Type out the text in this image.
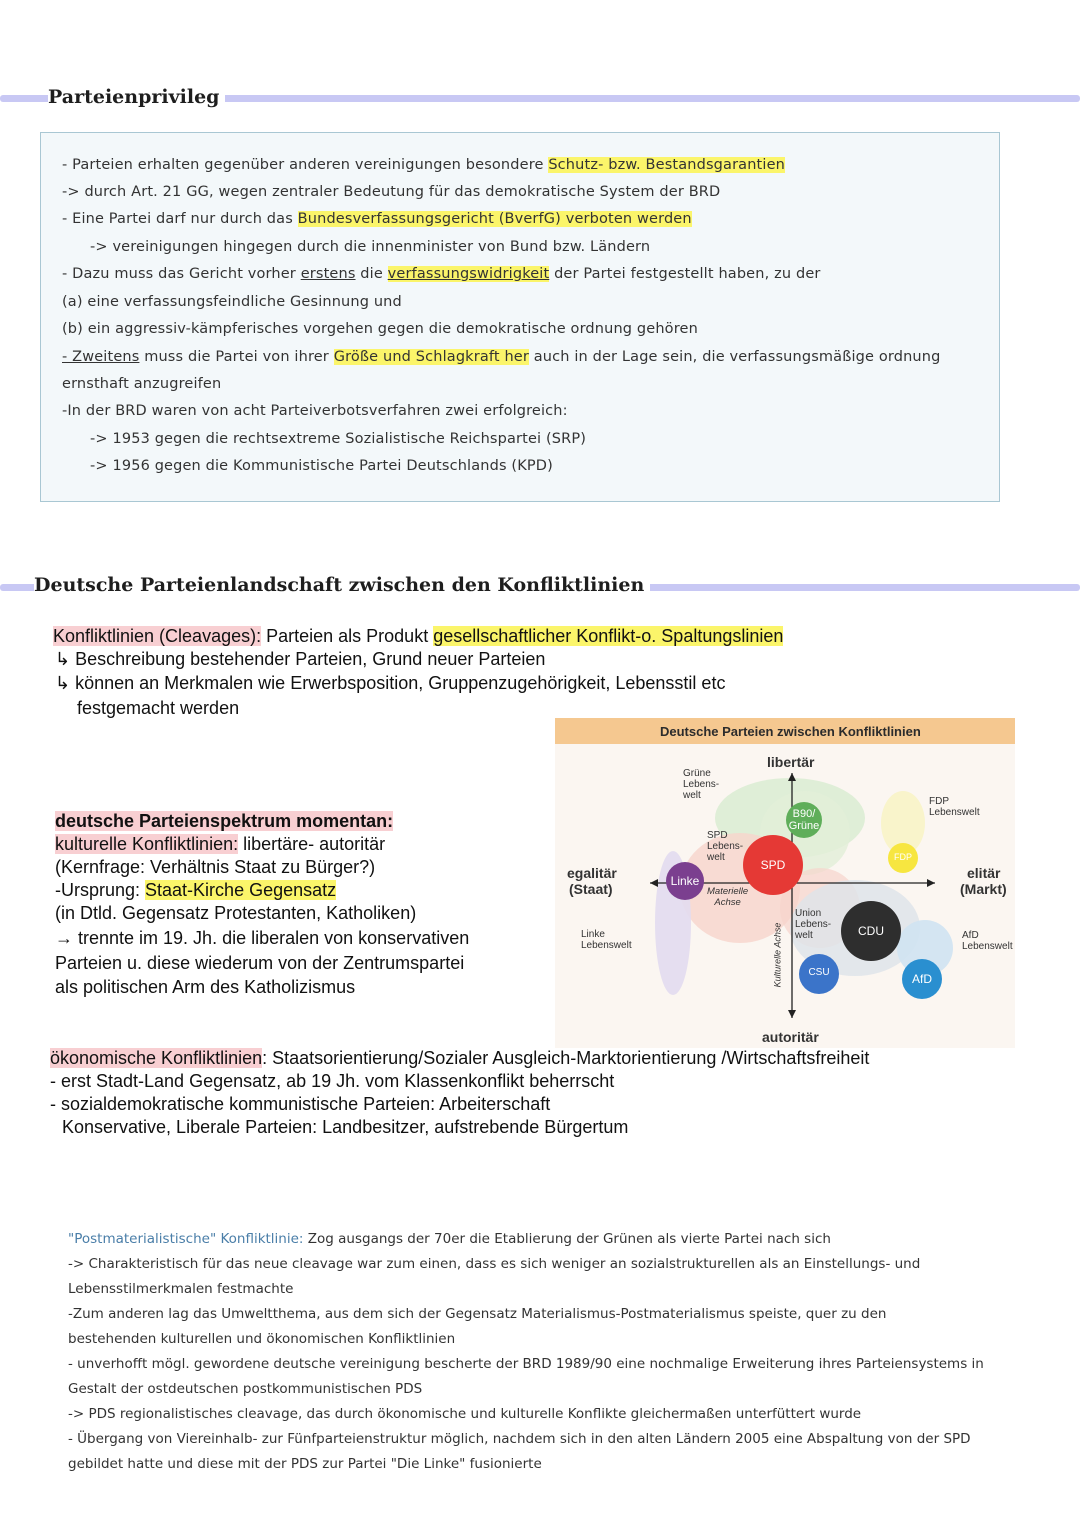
Parteienprivileg
- Parteien erhalten gegenüber anderen vereinigungen besondere Schutz- bzw. Bestandsgarantien
-> durch Art. 21 GG, wegen zentraler Bedeutung für das demokratische System der BRD
- Eine Partei darf nur durch das Bundesverfassungsgericht (BverfG) verboten werden
-> vereinigungen hingegen durch die innenminister von Bund bzw. Ländern
- Dazu muss das Gericht vorher erstens die verfassungswidrigkeit der Partei festgestellt haben, zu der
(a) eine verfassungsfeindliche Gesinnung und
(b) ein aggressiv-kämpferisches vorgehen gegen die demokratische ordnung gehören
- Zweitens muss die Partei von ihrer Größe und Schlagkraft her auch in der Lage sein, die verfassungsmäßige ordnung
ernsthaft anzugreifen
-In der BRD waren von acht Parteiverbotsverfahren zwei erfolgreich:
-> 1953 gegen die rechtsextreme Sozialistische Reichspartei (SRP)
-> 1956 gegen die Kommunistische Partei Deutschlands (KPD)
Deutsche Parteienlandschaft zwischen den Konfliktlinien
Konfliktlinien (Cleavages): Parteien als Produkt gesellschaftlicher Konflikt-o. Spaltungslinien
↳ Beschreibung bestehender Parteien, Grund neuer Parteien
↳ können an Merkmalen wie Erwerbsposition, Gruppenzugehörigkeit, Lebensstil etc
festgemacht werden
deutsche Parteienspektrum momentan:
kulturelle Konfliktlinien: libertäre- autoritär
(Kernfrage: Verhältnis Staat zu Bürger?)
-Ursprung: Staat-Kirche Gegensatz
(in Dtld. Gegensatz Protestanten, Katholiken)
→ trennte im 19. Jh. die liberalen von konservativen
Parteien u. diese wiederum von der Zentrumspartei
als politischen Arm des Katholizismus
Deutsche Parteien zwischen Konfliktlinien
libertär
autoritär
egalitär
(Staat)
elitär
(Markt)
Grüne
Lebens-
welt
SPD
Lebens-
welt
Union
Lebens-
welt
FDP
Lebenswelt
AfD
Lebenswelt
Linke
Lebenswelt
Materielle
Achse
Kulturelle Achse
B90/
Grüne
SPD
Linke
CDU
CSU
FDP
AfD
ökonomische Konfliktlinien: Staatsorientierung/Sozialer Ausgleich-Marktorientierung /Wirtschaftsfreiheit
- erst Stadt-Land Gegensatz, ab 19 Jh. vom Klassenkonflikt beherrscht
- sozialdemokratische kommunistische Parteien: Arbeiterschaft
Konservative, Liberale Parteien: Landbesitzer, aufstrebende Bürgertum
"Postmaterialistische" Konfliktlinie: Zog ausgangs der 70er die Etablierung der Grünen als vierte Partei nach sich
-> Charakteristisch für das neue cleavage war zum einen, dass es sich weniger an sozialstrukturellen als an Einstellungs- und
Lebensstilmerkmalen festmachte
-Zum anderen lag das Umweltthema, aus dem sich der Gegensatz Materialismus-Postmaterialismus speiste, quer zu den
bestehenden kulturellen und ökonomischen Konfliktlinien
- unverhofft mögl. gewordene deutsche vereinigung bescherte der BRD 1989/90 eine nochmalige Erweiterung ihres Parteiensystems in
Gestalt der ostdeutschen postkommunistischen PDS
-> PDS regionalistisches cleavage, das durch ökonomische und kulturelle Konflikte gleichermaßen unterfüttert wurde
- Übergang von Viereinhalb- zur Fünfparteienstruktur möglich, nachdem sich in den alten Ländern 2005 eine Abspaltung von der SPD
gebildet hatte und diese mit der PDS zur Partei "Die Linke" fusionierte
